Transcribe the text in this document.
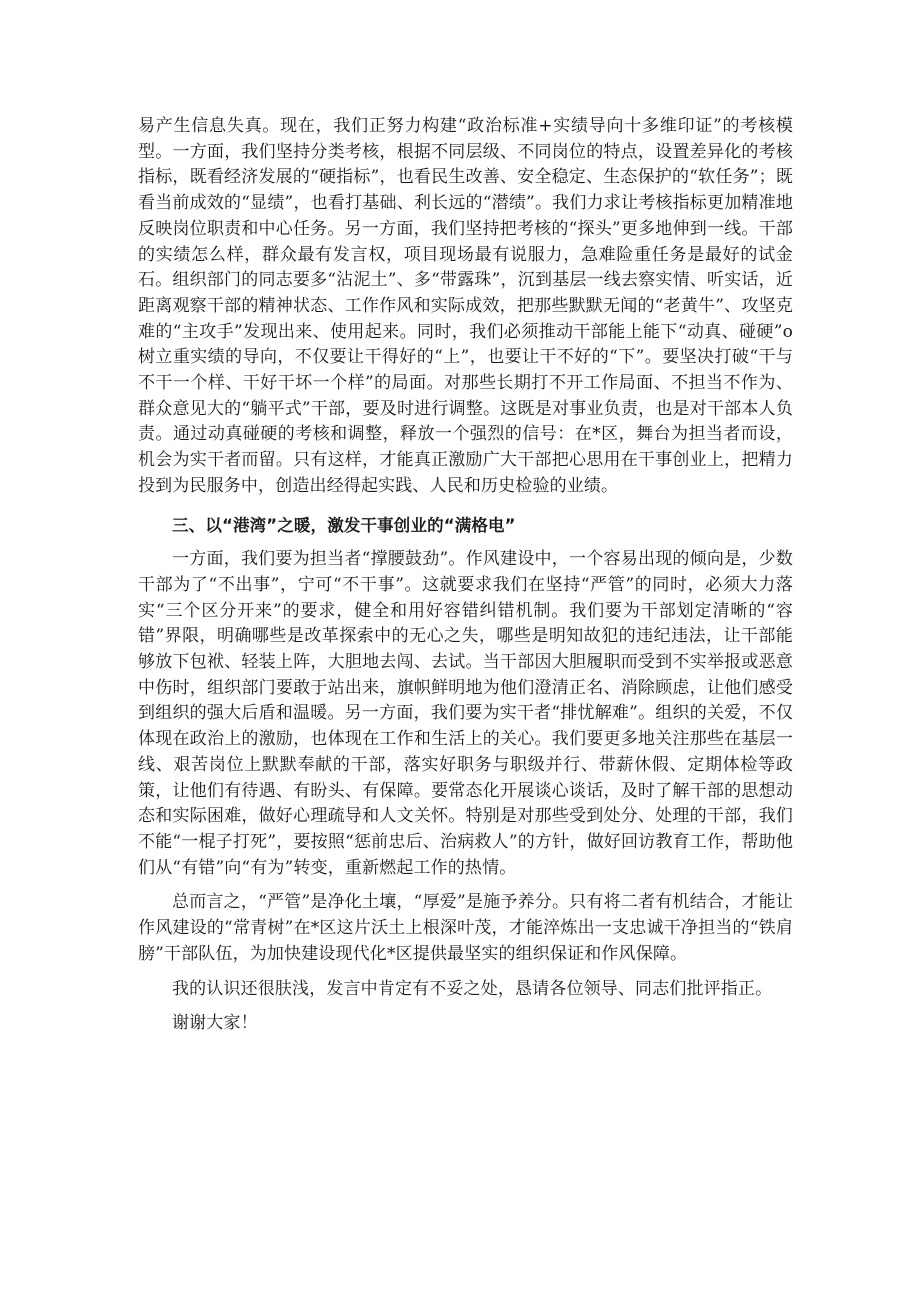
易产生信息失真。现在，我们正努力构建“政治标准+实绩导向十多维印证”的考核模型。一方面，我们坚持分类考核，根据不同层级、不同岗位的特点，设置差异化的考核指标，既看经济发展的“硬指标”，也看民生改善、安全稳定、生态保护的“软任务”；既看当前成效的“显绩”，也看打基础、利长远的“潜绩”。我们力求让考核指标更加精准地反映岗位职责和中心任务。另一方面，我们坚持把考核的“探头”更多地伸到一线。干部的实绩怎么样，群众最有发言权，项目现场最有说服力，急难险重任务是最好的试金石。组织部门的同志要多“沾泥土”、多“带露珠”，沉到基层一线去察实情、听实话，近距离观察干部的精神状态、工作作风和实际成效，把那些默默无闻的“老黄牛”、攻坚克难的“主攻手”发现出来、使用起来。同时，我们必须推动干部能上能下“动真、碰硬”o树立重实绩的导向，不仅要让干得好的“上”，也要让干不好的“下”。要坚决打破“干与不干一个样、干好干坏一个样”的局面。对那些长期打不开工作局面、不担当不作为、群众意见大的“躺平式”干部，要及时进行调整。这既是对事业负责，也是对干部本人负责。通过动真碰硬的考核和调整，释放一个强烈的信号：在*区，舞台为担当者而设，机会为实干者而留。只有这样，才能真正激励广大干部把心思用在干事创业上，把精力投到为民服务中，创造出经得起实践、人民和历史检验的业绩。

三、以“港湾”之暖，激发干事创业的“满格电”

一方面，我们要为担当者“撑腰鼓劲”。作风建设中，一个容易出现的倾向是，少数干部为了“不出事”，宁可“不干事”。这就要求我们在坚持“严管”的同时，必须大力落实“三个区分开来”的要求，健全和用好容错纠错机制。我们要为干部划定清晰的“容错”界限，明确哪些是改革探索中的无心之失，哪些是明知故犯的违纪违法，让干部能够放下包袱、轻装上阵，大胆地去闯、去试。当干部因大胆履职而受到不实举报或恶意中伤时，组织部门要敢于站出来，旗帜鲜明地为他们澄清正名、消除顾虑，让他们感受到组织的强大后盾和温暖。另一方面，我们要为实干者“排忧解难”。组织的关爱，不仅体现在政治上的激励，也体现在工作和生活上的关心。我们要更多地关注那些在基层一线、艰苦岗位上默默奉献的干部，落实好职务与职级并行、带薪休假、定期体检等政策，让他们有待遇、有盼头、有保障。要常态化开展谈心谈话，及时了解干部的思想动态和实际困难，做好心理疏导和人文关怀。特别是对那些受到处分、处理的干部，我们不能“一棍子打死”，要按照“惩前忠后、治病救人”的方针，做好回访教育工作，帮助他们从“有错”向“有为”转变，重新燃起工作的热情。

总而言之，“严管”是净化土壤，“厚爱”是施予养分。只有将二者有机结合，才能让作风建设的“常青树”在*区这片沃土上根深叶茂，才能淬炼出一支忠诚干净担当的“铁肩膀”干部队伍，为加快建设现代化*区提供最坚实的组织保证和作风保障。

我的认识还很肤浅，发言中肯定有不妥之处，恳请各位领导、同志们批评指正。

谢谢大家！
